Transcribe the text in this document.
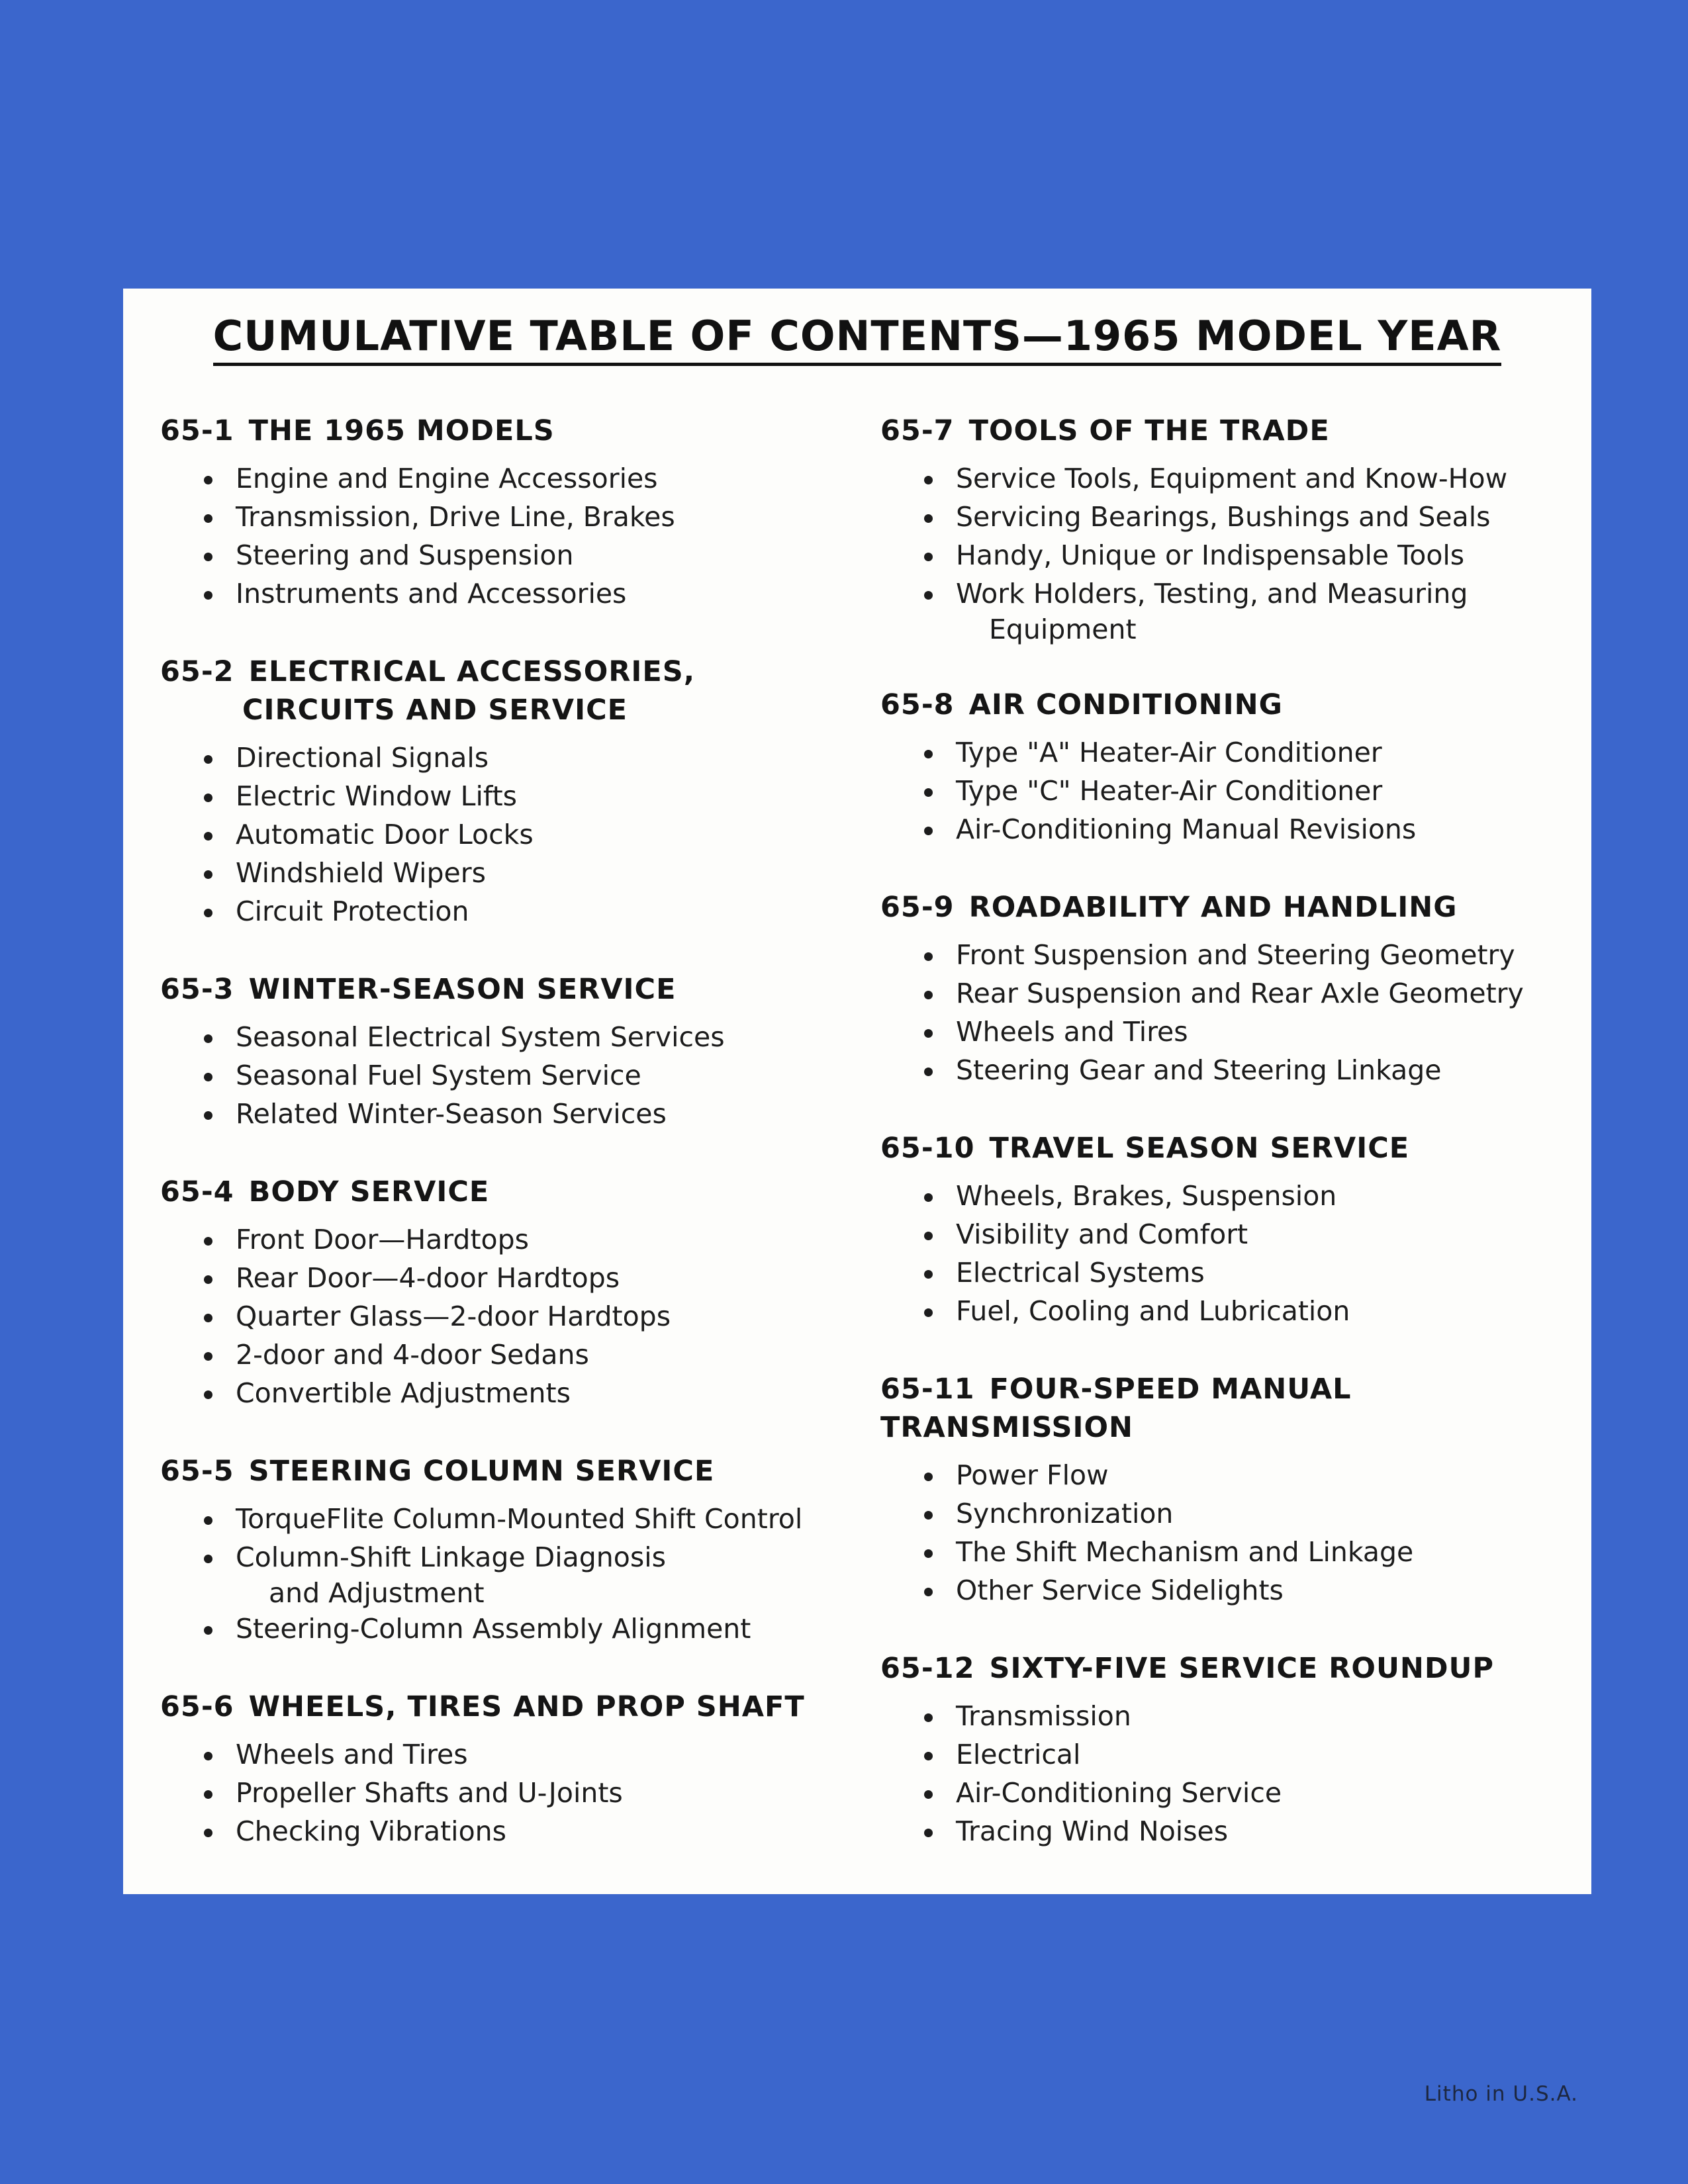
CUMULATIVE TABLE OF CONTENTS—1965 MODEL YEAR
65-1 THE 1965 MODELS
Engine and Engine Accessories
Transmission, Drive Line, Brakes
Steering and Suspension
Instruments and Accessories
65-2 ELECTRICAL ACCESSORIES,
CIRCUITS AND SERVICE
Directional Signals
Electric Window Lifts
Automatic Door Locks
Windshield Wipers
Circuit Protection
65-3 WINTER-SEASON SERVICE
Seasonal Electrical System Services
Seasonal Fuel System Service
Related Winter-Season Services
65-4 BODY SERVICE
Front Door—Hardtops
Rear Door—4-door Hardtops
Quarter Glass—2-door Hardtops
2-door and 4-door Sedans
Convertible Adjustments
65-5 STEERING COLUMN SERVICE
TorqueFlite Column-Mounted Shift Control
Column-Shift Linkage Diagnosis
and Adjustment
Steering-Column Assembly Alignment
65-6 WHEELS, TIRES AND PROP SHAFT
Wheels and Tires
Propeller Shafts and U-Joints
Checking Vibrations
65-7 TOOLS OF THE TRADE
Service Tools, Equipment and Know-How
Servicing Bearings, Bushings and Seals
Handy, Unique or Indispensable Tools
Work Holders, Testing, and Measuring
Equipment
65-8 AIR CONDITIONING
Type "A" Heater-Air Conditioner
Type "C" Heater-Air Conditioner
Air-Conditioning Manual Revisions
65-9 ROADABILITY AND HANDLING
Front Suspension and Steering Geometry
Rear Suspension and Rear Axle Geometry
Wheels and Tires
Steering Gear and Steering Linkage
65-10 TRAVEL SEASON SERVICE
Wheels, Brakes, Suspension
Visibility and Comfort
Electrical Systems
Fuel, Cooling and Lubrication
65-11 FOUR-SPEED MANUAL TRANSMISSION
Power Flow
Synchronization
The Shift Mechanism and Linkage
Other Service Sidelights
65-12 SIXTY-FIVE SERVICE ROUNDUP
Transmission
Electrical
Air-Conditioning Service
Tracing Wind Noises
Litho in U.S.A.
